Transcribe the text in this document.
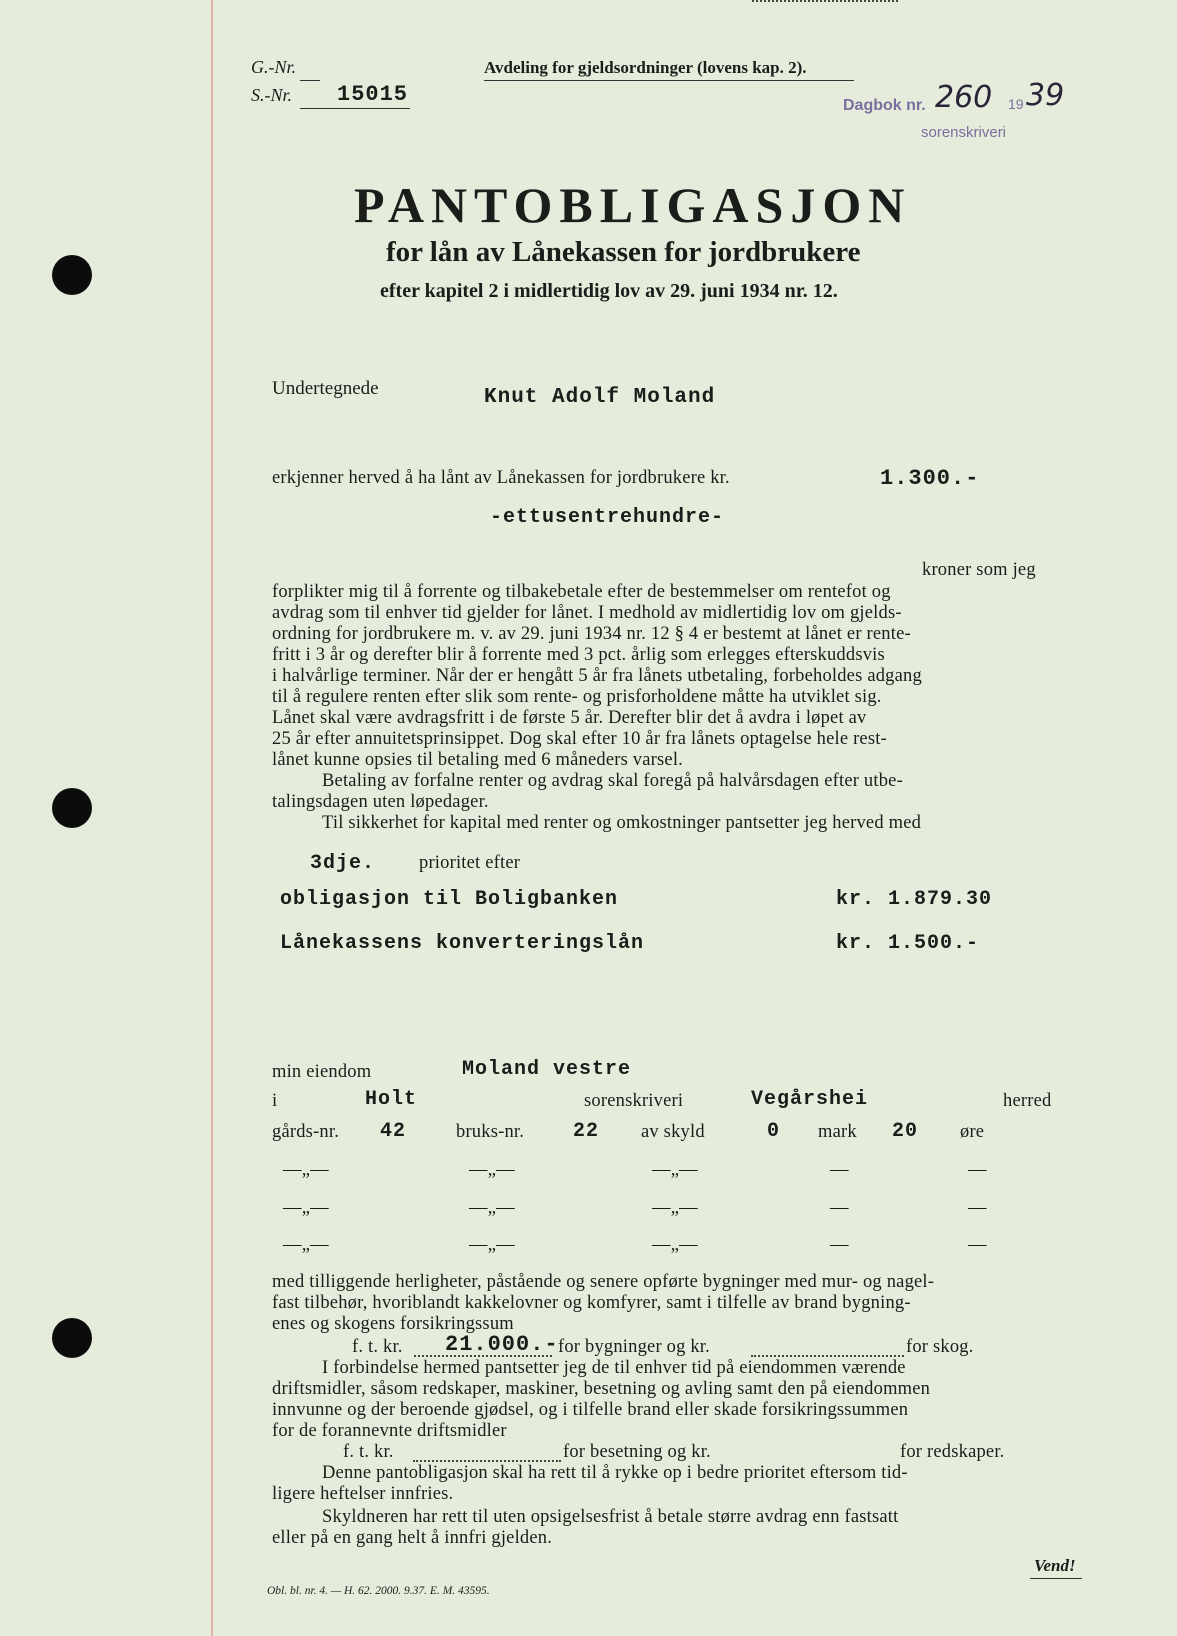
G.-Nr.
S.-Nr. 15015
Avdeling for gjeldsordninger (lovens kap. 2).
Dagbok nr. 260 19 39
sorenskriveri
PANTOBLIGASJON
for lån av Lånekassen for jordbrukere
efter kapitel 2 i midlertidig lov av 29. juni 1934 nr. 12.
Undertegnede	Knut Adolf Moland
erkjenner herved å ha lånt av Lånekassen for jordbrukere kr.	1.300.-
-ettusentrehundre-
kroner som jeg
forplikter mig til å forrente og tilbakebetale efter de bestemmelser om rentefot og
avdrag som til enhver tid gjelder for lånet. I medhold av midlertidig lov om gjelds-
ordning for jordbrukere m. v. av 29. juni 1934 nr. 12 § 4 er bestemt at lånet er rente-
fritt i 3 år og derefter blir å forrente med 3 pct. årlig som erlegges efterskuddsvis
i halvårlige terminer. Når der er hengått 5 år fra lånets utbetaling, forbeholdes adgang
til å regulere renten efter slik som rente- og prisforholdene måtte ha utviklet sig.
Lånet skal være avdragsfritt i de første 5 år. Derefter blir det å avdra i løpet av
25 år efter annuitetsprinsippet. Dog skal efter 10 år fra lånets optagelse hele rest-
lånet kunne opsies til betaling med 6 måneders varsel.
Betaling av forfalne renter og avdrag skal foregå på halvårsdagen efter utbe-
talingsdagen uten løpedager.
Til sikkerhet for kapital med renter og omkostninger pantsetter jeg herved med
3dje. prioritet efter
obligasjon til Boligbanken	kr. 1.879.30
Lånekassens konverteringslån	kr. 1.500.-
min eiendom	Moland vestre
i	Holt	sorenskriveri	Vegårshei	herred
gårds-nr. 42	bruks-nr. 22 av skyld	0 mark 20 øre
—„—	—„—	—„—	—	—
—„—	—„—	—„—	—	—
—„—	—„—	—„—	—	—
med tilliggende herligheter, påstående og senere opførte bygninger med mur- og nagel-
fast tilbehør, hvoriblandt kakkelovner og komfyrer, samt i tilfelle av brand bygning-
enes og skogens forsikringssum
f. t. kr. 21.000.- for bygninger og kr.	for skog.
I forbindelse hermed pantsetter jeg de til enhver tid på eiendommen værende
driftsmidler, såsom redskaper, maskiner, besetning og avling samt den på eiendommen
innvunne og der beroende gjødsel, og i tilfelle brand eller skade forsikringssummen
for de forannevnte driftsmidler
f. t. kr.	for besetning og kr.	for redskaper.
Denne pantobligasjon skal ha rett til å rykke op i bedre prioritet eftersom tid-
ligere heftelser innfries.
Skyldneren har rett til uten opsigelsesfrist å betale større avdrag enn fastsatt
eller på en gang helt å innfri gjelden.
Obl. bl. nr. 4. — H. 62. 2000. 9.37. E. M. 43595.
Vend!
